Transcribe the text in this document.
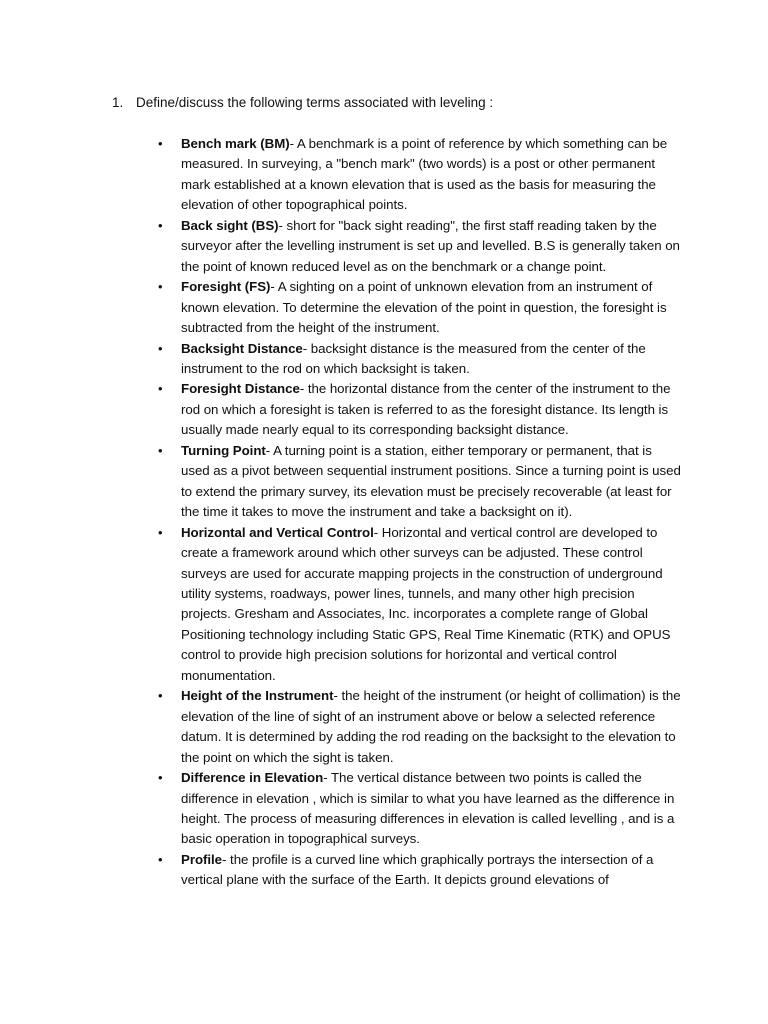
1. Define/discuss the following terms associated with leveling :
• Bench mark (BM)- A benchmark is a point of reference by which something can be measured. In surveying, a "bench mark" (two words) is a post or other permanent mark established at a known elevation that is used as the basis for measuring the elevation of other topographical points.
• Back sight (BS)- short for "back sight reading", the first staff reading taken by the surveyor after the levelling instrument is set up and levelled. B.S is generally taken on the point of known reduced level as on the benchmark or a change point.
• Foresight (FS)- A sighting on a point of unknown elevation from an instrument of known elevation. To determine the elevation of the point in question, the foresight is subtracted from the height of the instrument.
• Backsight Distance- backsight distance is the measured from the center of the instrument to the rod on which backsight is taken.
• Foresight Distance- the horizontal distance from the center of the instrument to the rod on which a foresight is taken is referred to as the foresight distance. Its length is usually made nearly equal to its corresponding backsight distance.
• Turning Point- A turning point is a station, either temporary or permanent, that is used as a pivot between sequential instrument positions. Since a turning point is used to extend the primary survey, its elevation must be precisely recoverable (at least for the time it takes to move the instrument and take a backsight on it).
• Horizontal and Vertical Control- Horizontal and vertical control are developed to create a framework around which other surveys can be adjusted. These control surveys are used for accurate mapping projects in the construction of underground utility systems, roadways, power lines, tunnels, and many other high precision projects. Gresham and Associates, Inc. incorporates a complete range of Global Positioning technology including Static GPS, Real Time Kinematic (RTK) and OPUS control to provide high precision solutions for horizontal and vertical control monumentation.
• Height of the Instrument- the height of the instrument (or height of collimation) is the elevation of the line of sight of an instrument above or below a selected reference datum. It is determined by adding the rod reading on the backsight to the elevation to the point on which the sight is taken.
• Difference in Elevation- The vertical distance between two points is called the difference in elevation , which is similar to what you have learned as the difference in height. The process of measuring differences in elevation is called levelling , and is a basic operation in topographical surveys.
• Profile- the profile is a curved line which graphically portrays the intersection of a vertical plane with the surface of the Earth. It depicts ground elevations of
